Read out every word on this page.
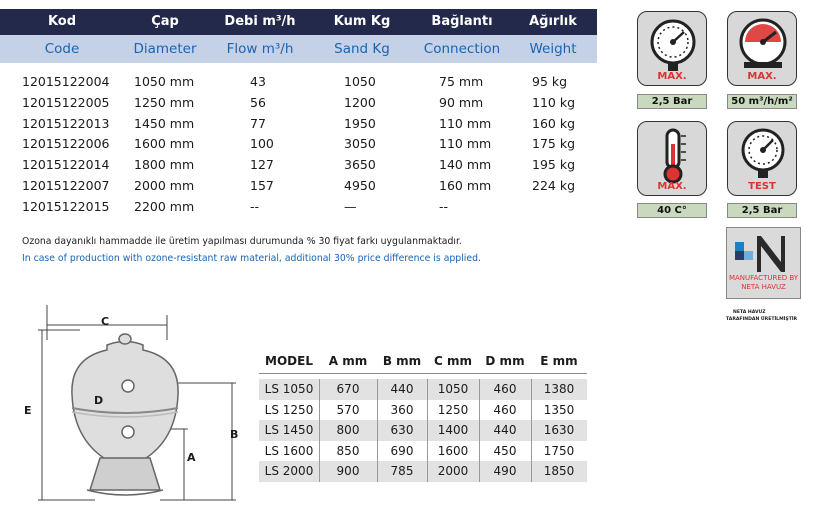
Kod	Çap	Debi m³/h	Kum Kg	Bağlantı	Ağırlık
Code	Diameter	Flow m³/h	Sand Kg	Connection	Weight
12015122004 1050 mm	43	1050	75 mm	95 kg
12015122005 1250 mm	56	1200	90 mm	110 kg
12015122013 1450 mm	77	1950	110 mm	160 kg
12015122006 1600 mm	100	3050	110 mm	175 kg
12015122014 1800 mm	127	3650	140 mm	195 kg
12015122007 2000 mm	157	4950	160 mm	224 kg
12015122015 2200 mm	--	—	--
Ozona dayanıklı hammadde ile üretim yapılması durumunda % 30 fiyat farkı uygulanmaktadır.
In case of production with ozone-resistant raw material, additional 30% price difference is applied.
MAX.
2,5 Bar
MAX.
50 m³/h/m²
MAX.
40 C°
TEST
2,5 Bar
MANUFACTURED BY NETA HAVUZ
NETA HAVUZ
TARAFINDAN ÜRETİLMİŞTİR
C
D
E
A
B
MODEL	A mm	B mm	C mm	D mm	E mm
LS 1050	670	440	1050	460	1380
LS 1250	570	360	1250	460	1350
LS 1450	800	630	1400	440	1630
LS 1600	850	690	1600	450	1750
LS 2000	900	785	2000	490	1850
